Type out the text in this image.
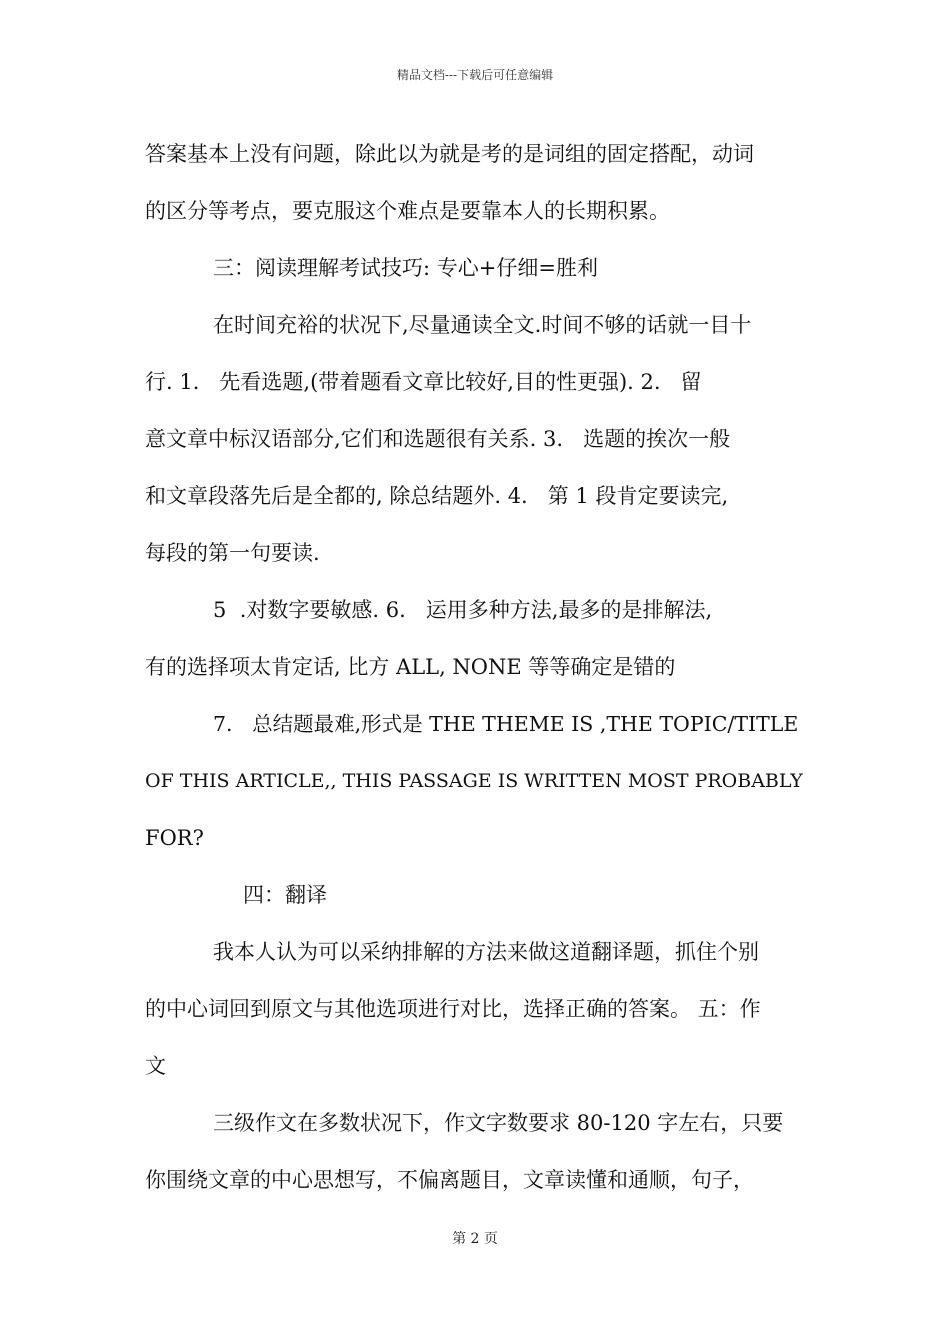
精品文档---下载后可任意编辑
答案基本上没有问题，除此以为就是考的是词组的固定搭配，动词
的区分等考点，要克服这个难点是要靠本人的长期积累。
三：阅读理解考试技巧: 专心+仔细=胜利
在时间充裕的状况下,尽量通读全文.时间不够的话就一目十
行. 1.   先看选题,(带着题看文章比较好,目的性更强). 2.   留
意文章中标汉语部分,它们和选题很有关系. 3.   选题的挨次一般
和文章段落先后是全都的, 除总结题外. 4.   第 1 段肯定要读完,
每段的第一句要读.
5  .对数字要敏感. 6.   运用多种方法,最多的是排解法,
有的选择项太肯定话, 比方 ALL, NONE 等等确定是错的
7.   总结题最难,形式是 THE THEME IS ,THE TOPIC/TITLE
OF THIS ARTICLE,, THIS PASSAGE IS WRITTEN MOST PROBABLY
FOR?
四：翻译
我本人认为可以采纳排解的方法来做这道翻译题，抓住个别
的中心词回到原文与其他选项进行对比，选择正确的答案。 五：作
文
三级作文在多数状况下，作文字数要求 80-120 字左右，只要
你围绕文章的中心思想写，不偏离题目，文章读懂和通顺，句子，
第 2 页
